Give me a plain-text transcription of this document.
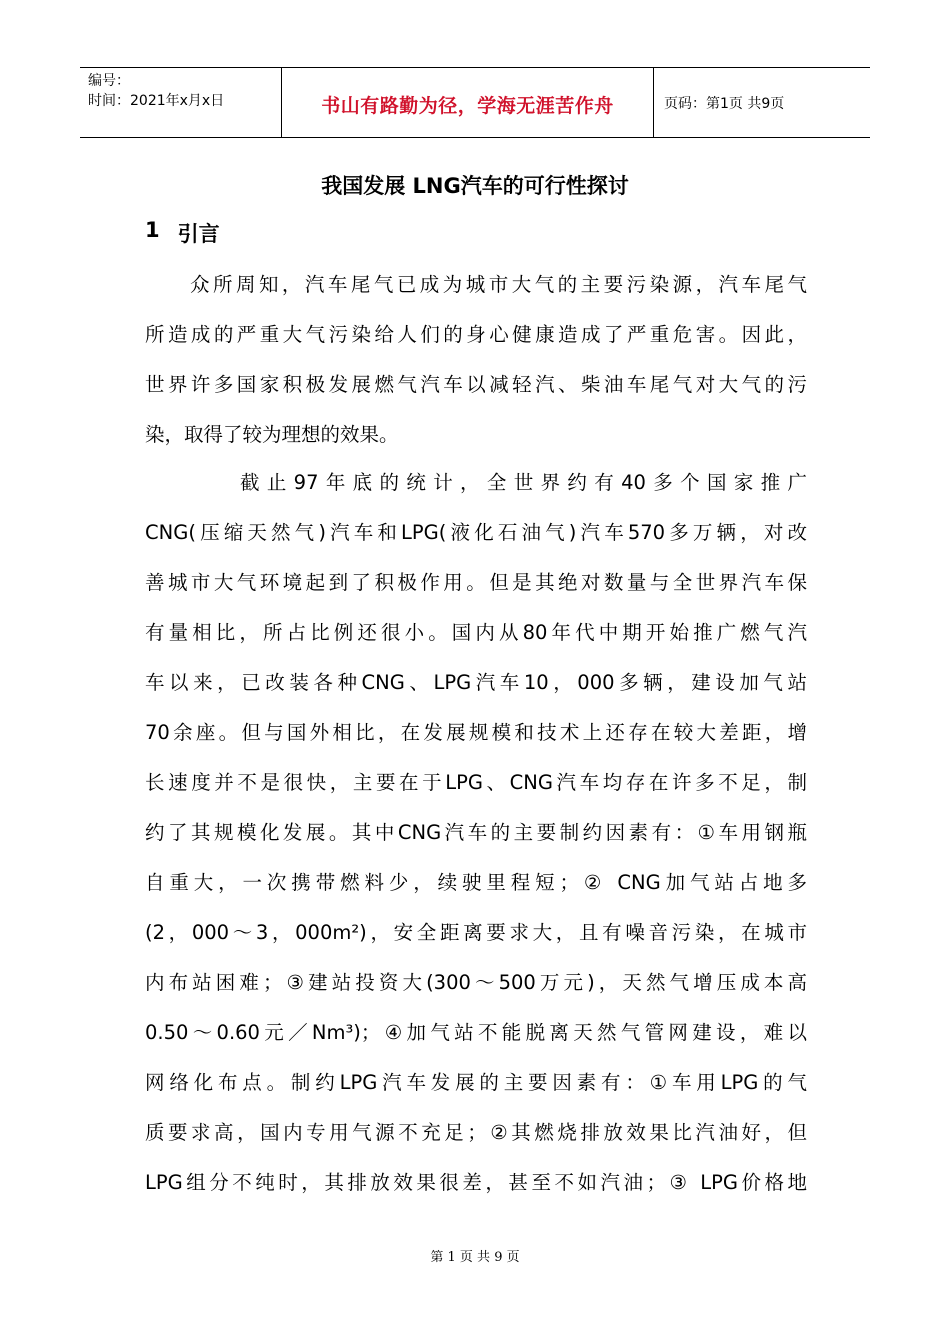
编号：
时间：2021年x月x日	书山有路勤为径，学海无涯苦作舟	页码：第1页 共9页
我国发展 LNG汽车的可行性探讨
1 引言
众所周知，汽车尾气已成为城市大气的主要污染源，汽车尾气
所造成的严重大气污染给人们的身心健康造成了严重危害。因此，
世界许多国家积极发展燃气汽车以减轻汽、柴油车尾气对大气的污
染，取得了较为理想的效果。
截止97年底的统计，全世界约有40多个国家推广
CNG(压缩天然气)汽车和LPG(液化石油气)汽车570多万辆，对改
善城市大气环境起到了积极作用。但是其绝对数量与全世界汽车保
有量相比，所占比例还很小。国内从80年代中期开始推广燃气汽
车以来，已改装各种CNG、LPG汽车10，000多辆，建设加气站
70余座。但与国外相比，在发展规模和技术上还存在较大差距，增
长速度并不是很快，主要在于LPG、CNG汽车均存在许多不足，制
约了其规模化发展。其中CNG汽车的主要制约因素有：①车用钢瓶
自重大，一次携带燃料少，续驶里程短；② CNG加气站占地多
(2，000～3，000m²)，安全距离要求大，且有噪音污染，在城市
内布站困难；③建站投资大(300～500万元)，天然气增压成本高
0.50～0.60元／Nm³)；④加气站不能脱离天然气管网建设，难以
网络化布点。制约LPG汽车发展的主要因素有：①车用LPG的气
质要求高，国内专用气源不充足；②其燃烧排放效果比汽油好，但
LPG组分不纯时，其排放效果很差，甚至不如汽油；③ LPG价格地
第 1 页 共 9 页
